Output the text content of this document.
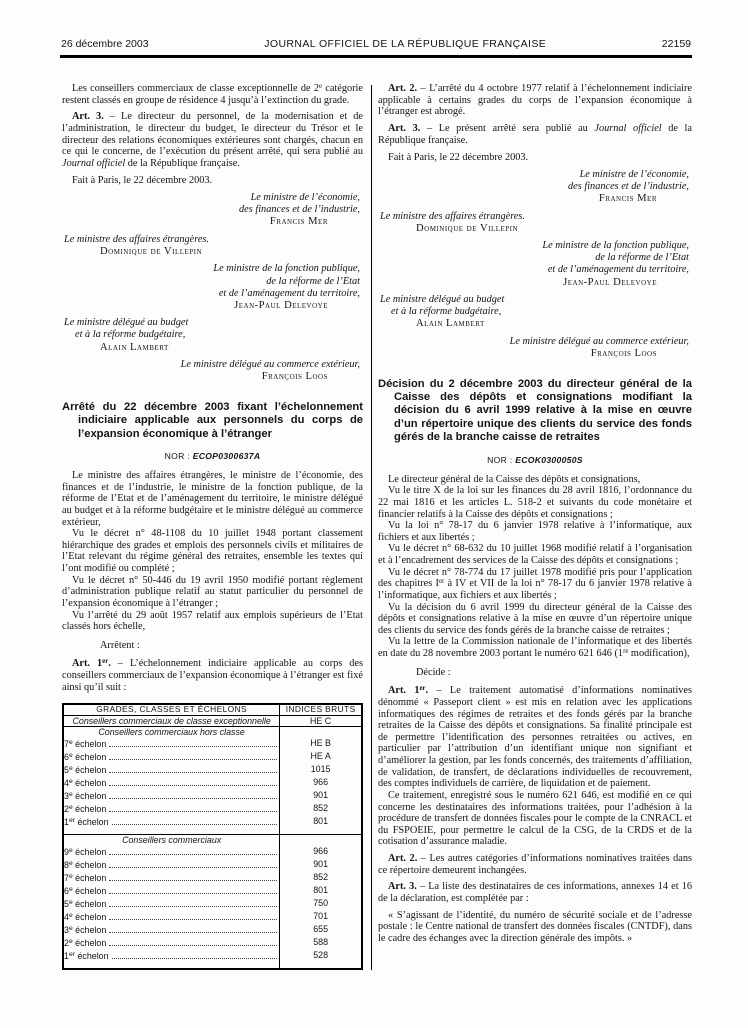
26 décembre 2003	JOURNAL OFFICIEL DE LA RÉPUBLIQUE FRANÇAISE	22159

Les conseillers commerciaux de classe exceptionnelle de 2e catégorie restent classés en groupe de résidence 4 jusqu’à l’extinction du grade.

Art. 3. – Le directeur du personnel, de la modernisation et de l’administration, le directeur du budget, le directeur du Trésor et le directeur des relations économiques extérieures sont chargés, chacun en ce qui le concerne, de l’exécution du présent arrêté, qui sera publié au Journal officiel de la République française.

Fait à Paris, le 22 décembre 2003.

Le ministre de l’économie,
des finances et de l’industrie,
Francis Mer
Le ministre des affaires étrangères.
Dominique de Villepin
Le ministre de la fonction publique,
de la réforme de l’Etat
et de l’aménagement du territoire,
Jean-Paul Delevoye
Le ministre délégué au budget
et à la réforme budgétaire,
Alain Lambert
Le ministre délégué au commerce extérieur,
François Loos

Arrêté du 22 décembre 2003 fixant l’échelonnement indiciaire applicable aux personnels du corps de l’expansion économique à l’étranger

NOR : ECOP0300637A

Le ministre des affaires étrangères, le ministre de l’économie, des finances et de l’industrie, le ministre de la fonction publique, de la réforme de l’Etat et de l’aménagement du territoire, le ministre délégué au budget et à la réforme budgétaire et le ministre délégué au commerce extérieur,

Vu le décret n° 48-1108 du 10 juillet 1948 portant classement hiérarchique des grades et emplois des personnels civils et militaires de l’Etat relevant du régime général des retraites, ensemble les textes qui l’ont modifié ou complété ;

Vu le décret n° 50-446 du 19 avril 1950 modifié portant règlement d’administration publique relatif au statut particulier du personnel de l’expansion économique à l’étranger ;

Vu l’arrêté du 29 août 1957 relatif aux emplois supérieurs de l’Etat classés hors échelle,

Arrêtent :

Art. 1er. – L’échelonnement indiciaire applicable au corps des conseillers commerciaux de l’expansion économique à l’étranger est fixé ainsi qu’il suit :

GRADES, CLASSES ET ÉCHELONS	INDICES BRUTS
Conseillers commerciaux de classe exceptionnelle	HE C
Conseillers commerciaux hors classe	

7e échelon	HE B

6e échelon	HE A

5e échelon	1015

4e échelon	966

3e échelon	901

2e échelon	852

1er échelon	801
Conseillers commerciaux	

9e échelon	966

8e échelon	901

7e échelon	852

6e échelon	801

5e échelon	750

4e échelon	701

3e échelon	655

2e échelon	588

1er échelon	528

Art. 2. – L’arrêté du 4 octobre 1977 relatif à l’échelonnement indiciaire applicable à certains grades du corps de l’expansion économique à l’étranger est abrogé.

Art. 3. – Le présent arrêté sera publié au Journal officiel de la République française.

Fait à Paris, le 22 décembre 2003.

Le ministre de l’économie,
des finances et de l’industrie,
Francis Mer
Le ministre des affaires étrangères.
Dominique de Villepin
Le ministre de la fonction publique,
de la réforme de l’Etat
et de l’aménagement du territoire,
Jean-Paul Delevoye
Le ministre délégué au budget
et à la réforme budgétaire,
Alain Lambert
Le ministre délégué au commerce extérieur,
François Loos

Décision du 2 décembre 2003 du directeur général de la Caisse des dépôts et consignations modifiant la décision du 6 avril 1999 relative à la mise en œuvre d’un répertoire unique des clients du service des fonds gérés de la branche caisse de retraites

NOR : ECOK0300050S

Le directeur général de la Caisse des dépôts et consignations,

Vu le titre X de la loi sur les finances du 28 avril 1816, l’ordonnance du 22 mai 1816 et les articles L. 518-2 et suivants du code monétaire et financier relatifs à la Caisse des dépôts et consignations ;

Vu la loi n° 78-17 du 6 janvier 1978 relative à l’informatique, aux fichiers et aux libertés ;

Vu le décret n° 68-632 du 10 juillet 1968 modifié relatif à l’organisation et à l’encadrement des services de la Caisse des dépôts et consignations ;

Vu le décret n° 78-774 du 17 juillet 1978 modifié pris pour l’application des chapitres Ier à IV et VII de la loi n° 78-17 du 6 janvier 1978 relative à l’informatique, aux fichiers et aux libertés ;

Vu la décision du 6 avril 1999 du directeur général de la Caisse des dépôts et consignations relative à la mise en œuvre d’un répertoire unique des clients du service des fonds gérés de la branche caisse de retraites ;

Vu la lettre de la Commission nationale de l’informatique et des libertés en date du 28 novembre 2003 portant le numéro 621 646 (1re modification),

Décide :

Art. 1er. – Le traitement automatisé d’informations nominatives dénommé « Passeport client » est mis en relation avec les applications informatiques des régimes de retraites et des fonds gérés par la branche retraites de la Caisse des dépôts et consignations. Sa finalité principale est de permettre l’identification des personnes retraitées ou actives, en particulier par l’attribution d’un identifiant unique non signifiant et d’améliorer la gestion, par les fonds concernés, des traitements d’affiliation, de validation, de transfert, de déclarations individuelles de recouvrement, des comptes individuels de carrière, de liquidation et de paiement.

Ce traitement, enregistré sous le numéro 621 646, est modifié en ce qui concerne les destinataires des informations traitées, pour l’adhésion à la procédure de transfert de données fiscales pour le compte de la CNRACL et du FSPOEIE, pour permettre le calcul de la CSG, de la CRDS et de la cotisation d’assurance maladie.

Art. 2. – Les autres catégories d’informations nominatives traitées dans ce répertoire demeurent inchangées.

Art. 3. – La liste des destinataires de ces informations, annexes 14 et 16 de la déclaration, est complétée par :

« S’agissant de l’identité, du numéro de sécurité sociale et de l’adresse postale : le Centre national de transfert des données fiscales (CNTDF), dans le cadre des échanges avec la direction générale des impôts. »
